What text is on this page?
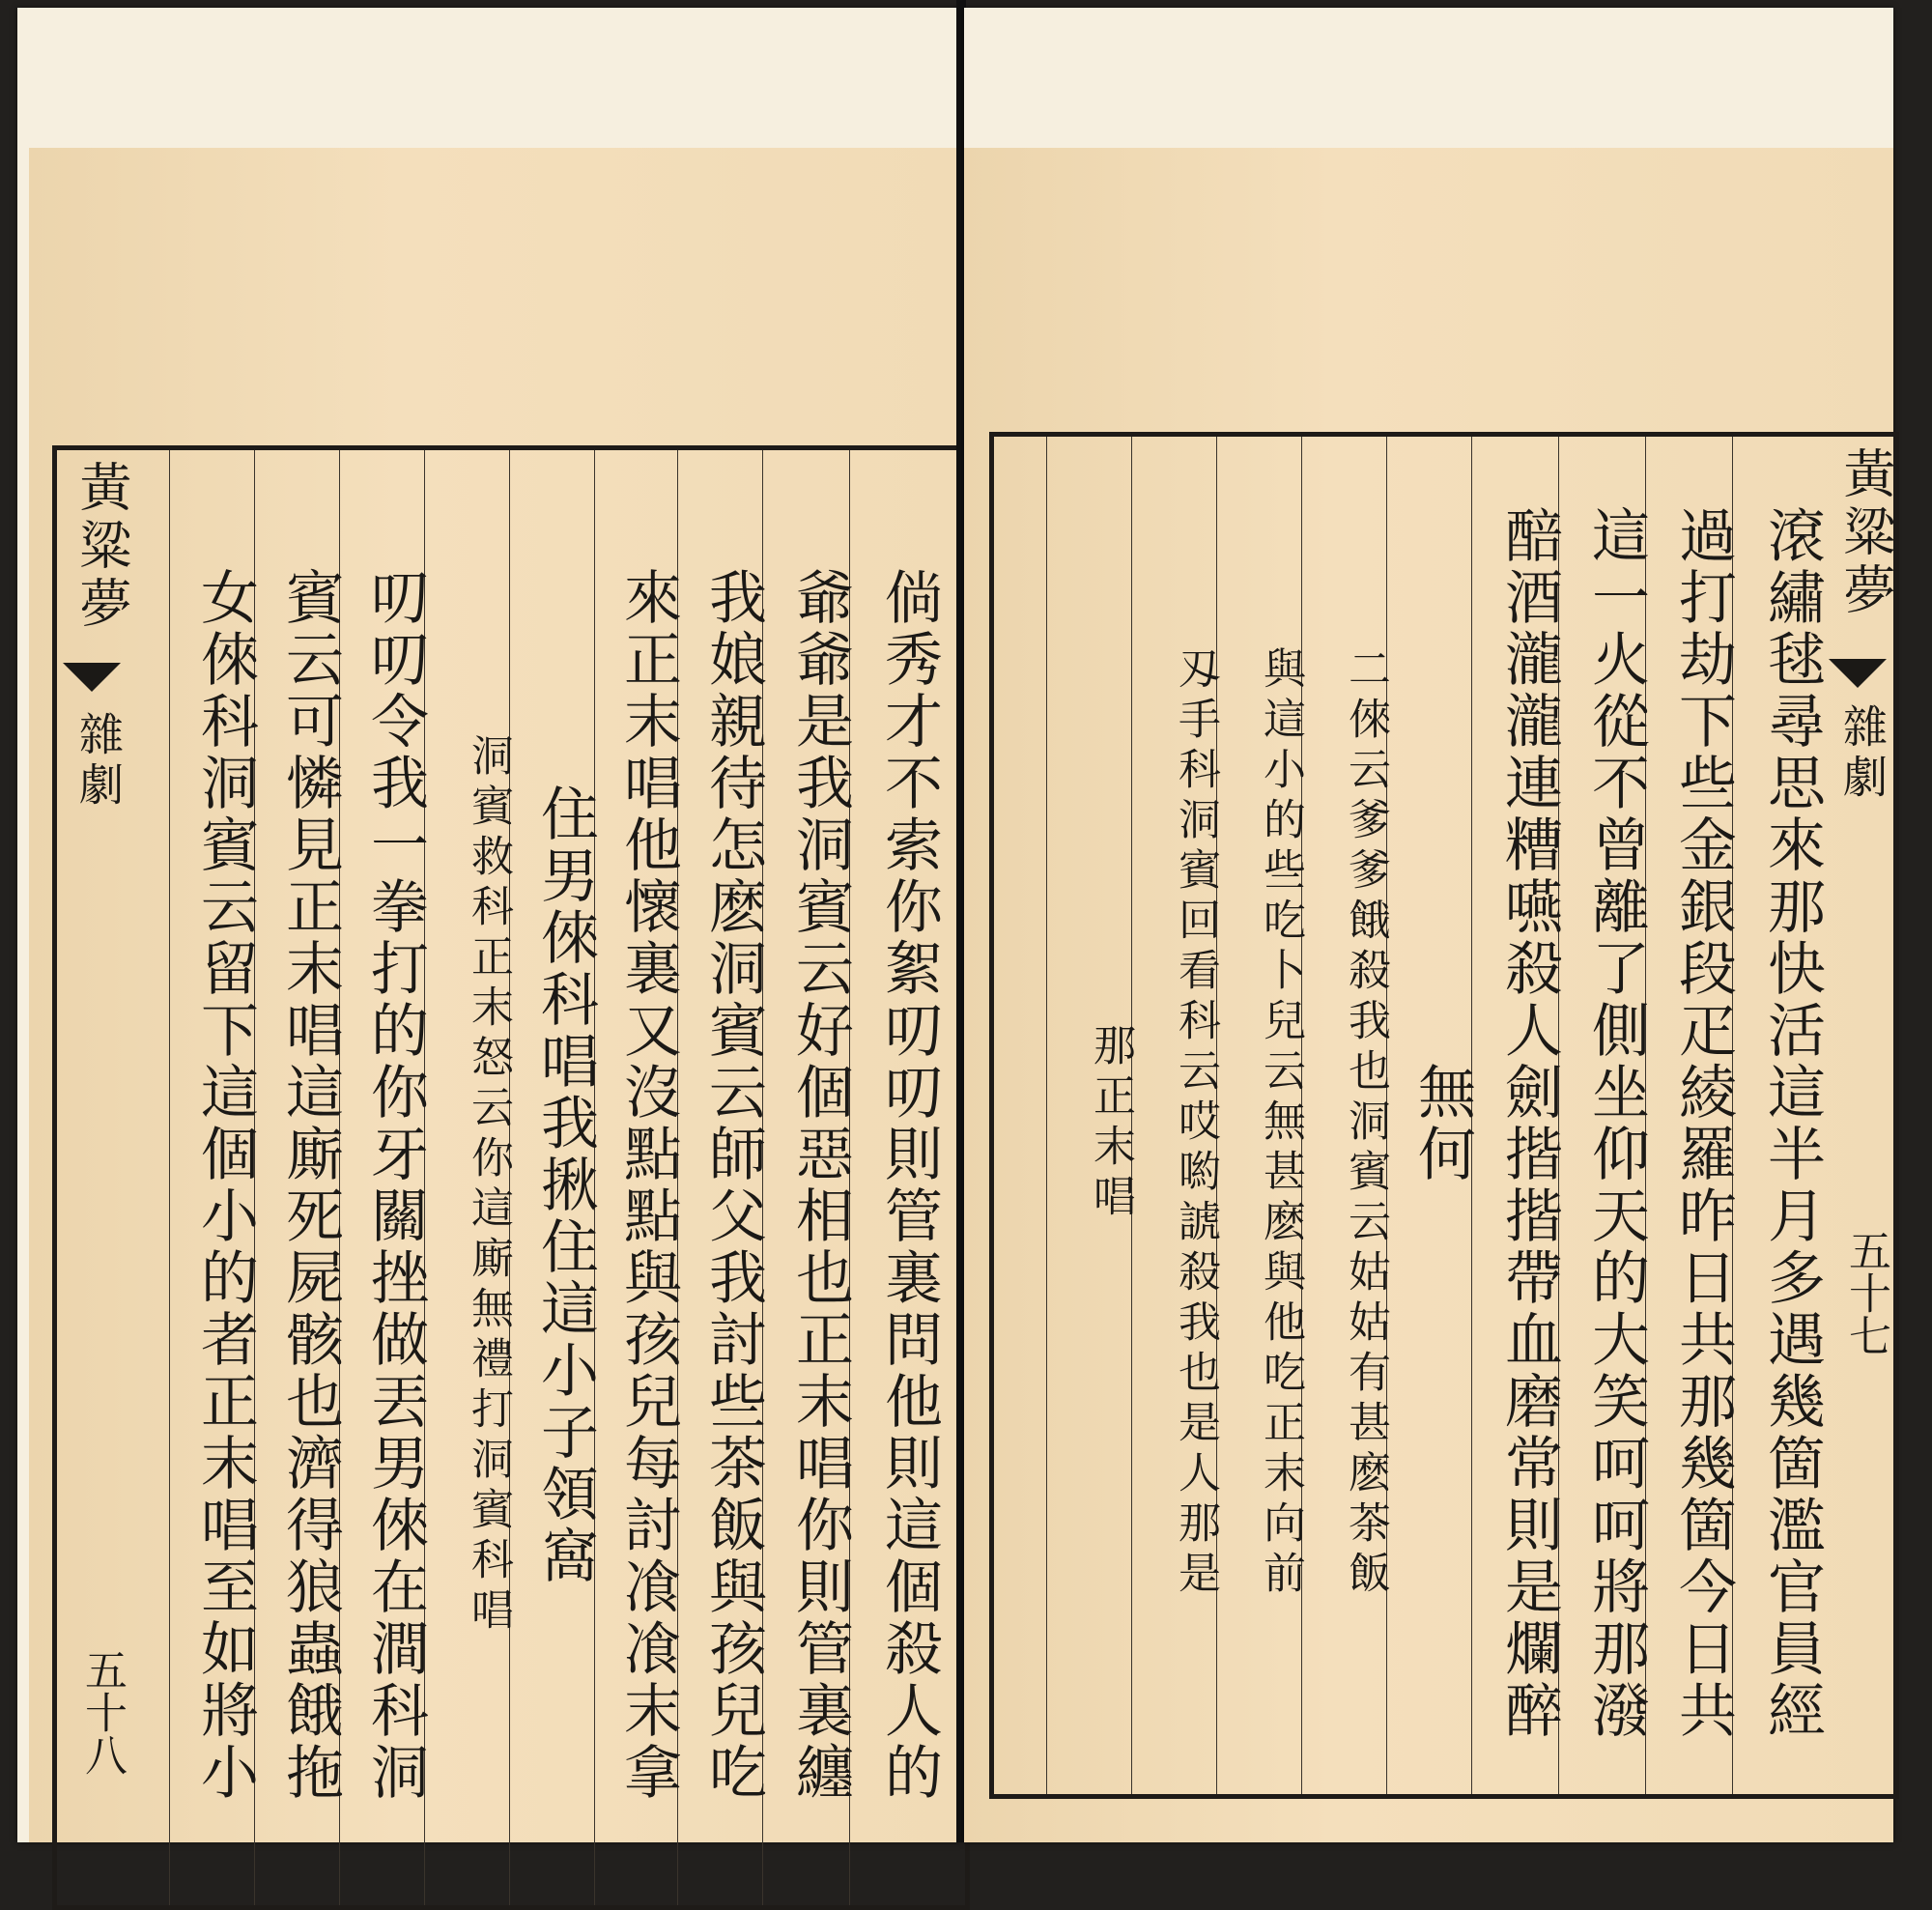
黃粱夢
雜劇
五十八	倘秀才不索你絮叨叨則管裏問他則這個殺人的
爺爺是我洞賓云好個惡相也正末唱你則管裏纏
我娘親待怎麽洞賓云師父我討些茶飯與孩兒吃
來正末唱他懷裏又沒點點與孩兒每討飡飡末拿
住男倈科唱我揪住這小子領窩
洞賓救科正末怒云你這廝無禮打洞賓科唱
叨叨令我一拳打的你牙關挫做丟男倈在澗科洞
賓云可憐見正末唱這廝死屍骸也濟得狼蟲餓拖
女倈科洞賓云留下這個小的者正末唱至如將小
黃粱夢
雜劇
五十七
滾繡毬尋思來那快活這半月多遇幾箇濫官員經
過打劫下些金銀段疋綾羅昨日共那幾箇今日共
這一火從不曾離了側坐仰天的大笑呵呵將那潑
醅酒瀧瀧連糟嚥殺人劍揩揩帶血磨常則是爛醉
無何
二倈云爹爹餓殺我也洞賓云姑姑有甚麽茶飯
與這小的些吃卜兒云無甚麽與他吃正末向前
刄手科洞賓回看科云哎喲諕殺我也是人那是
那正末唱
